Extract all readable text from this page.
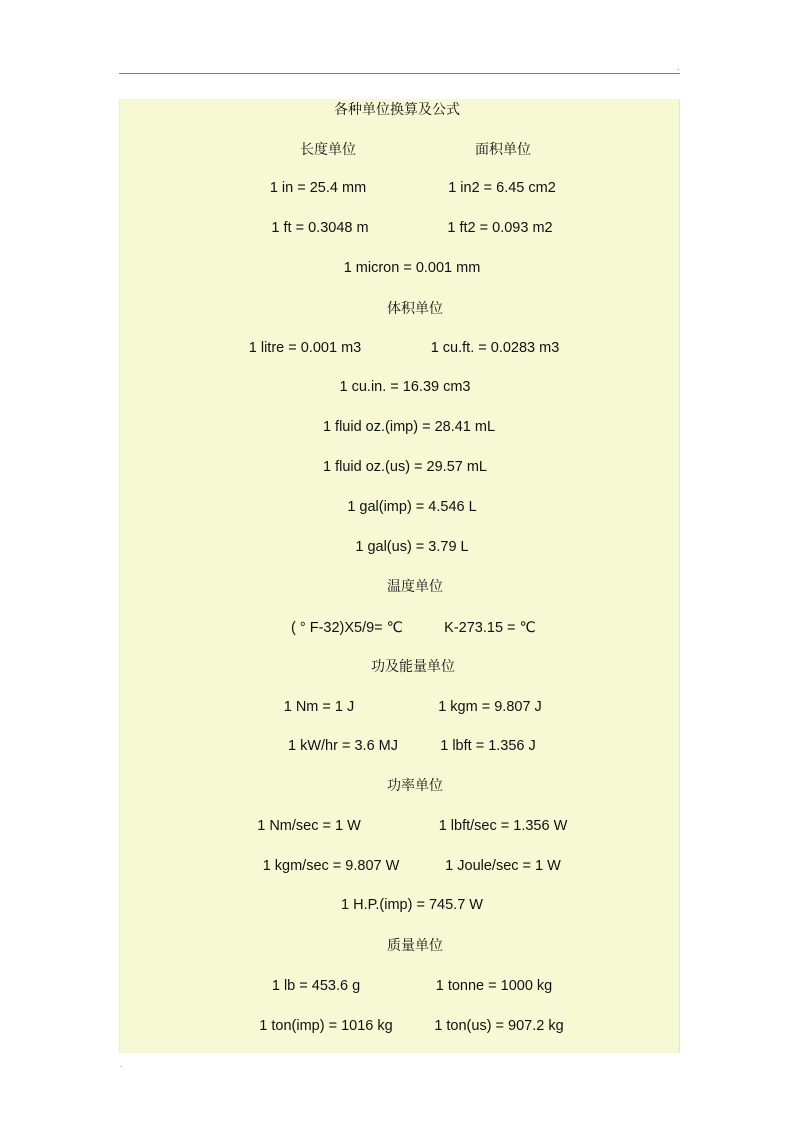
.
.
各种单位换算及公式
长度单位	面积单位
1 in = 25.4 mm	1 in2 = 6.45 cm2
1 ft = 0.3048 m	1 ft2 = 0.093 m2
1 micron = 0.001 mm
体积单位
1 litre = 0.001 m3	1 cu.ft. = 0.0283 m3
1 cu.in. = 16.39 cm3
1 fluid oz.(imp) = 28.41 mL
1 fluid oz.(us) = 29.57 mL
1 gal(imp) = 4.546 L
1 gal(us) = 3.79 L
温度单位
( ° F-32)X5/9= ℃	K-273.15 = ℃
功及能量单位
1 Nm = 1 J	1 kgm = 9.807 J
1 kW/hr = 3.6 MJ	1 lbft = 1.356 J
功率单位
1 Nm/sec = 1 W	1 lbft/sec = 1.356 W
1 kgm/sec = 9.807 W	1 Joule/sec = 1 W
1 H.P.(imp) = 745.7 W
质量单位
1 lb = 453.6 g	1 tonne = 1000 kg
1 ton(imp) = 1016 kg	1 ton(us) = 907.2 kg
